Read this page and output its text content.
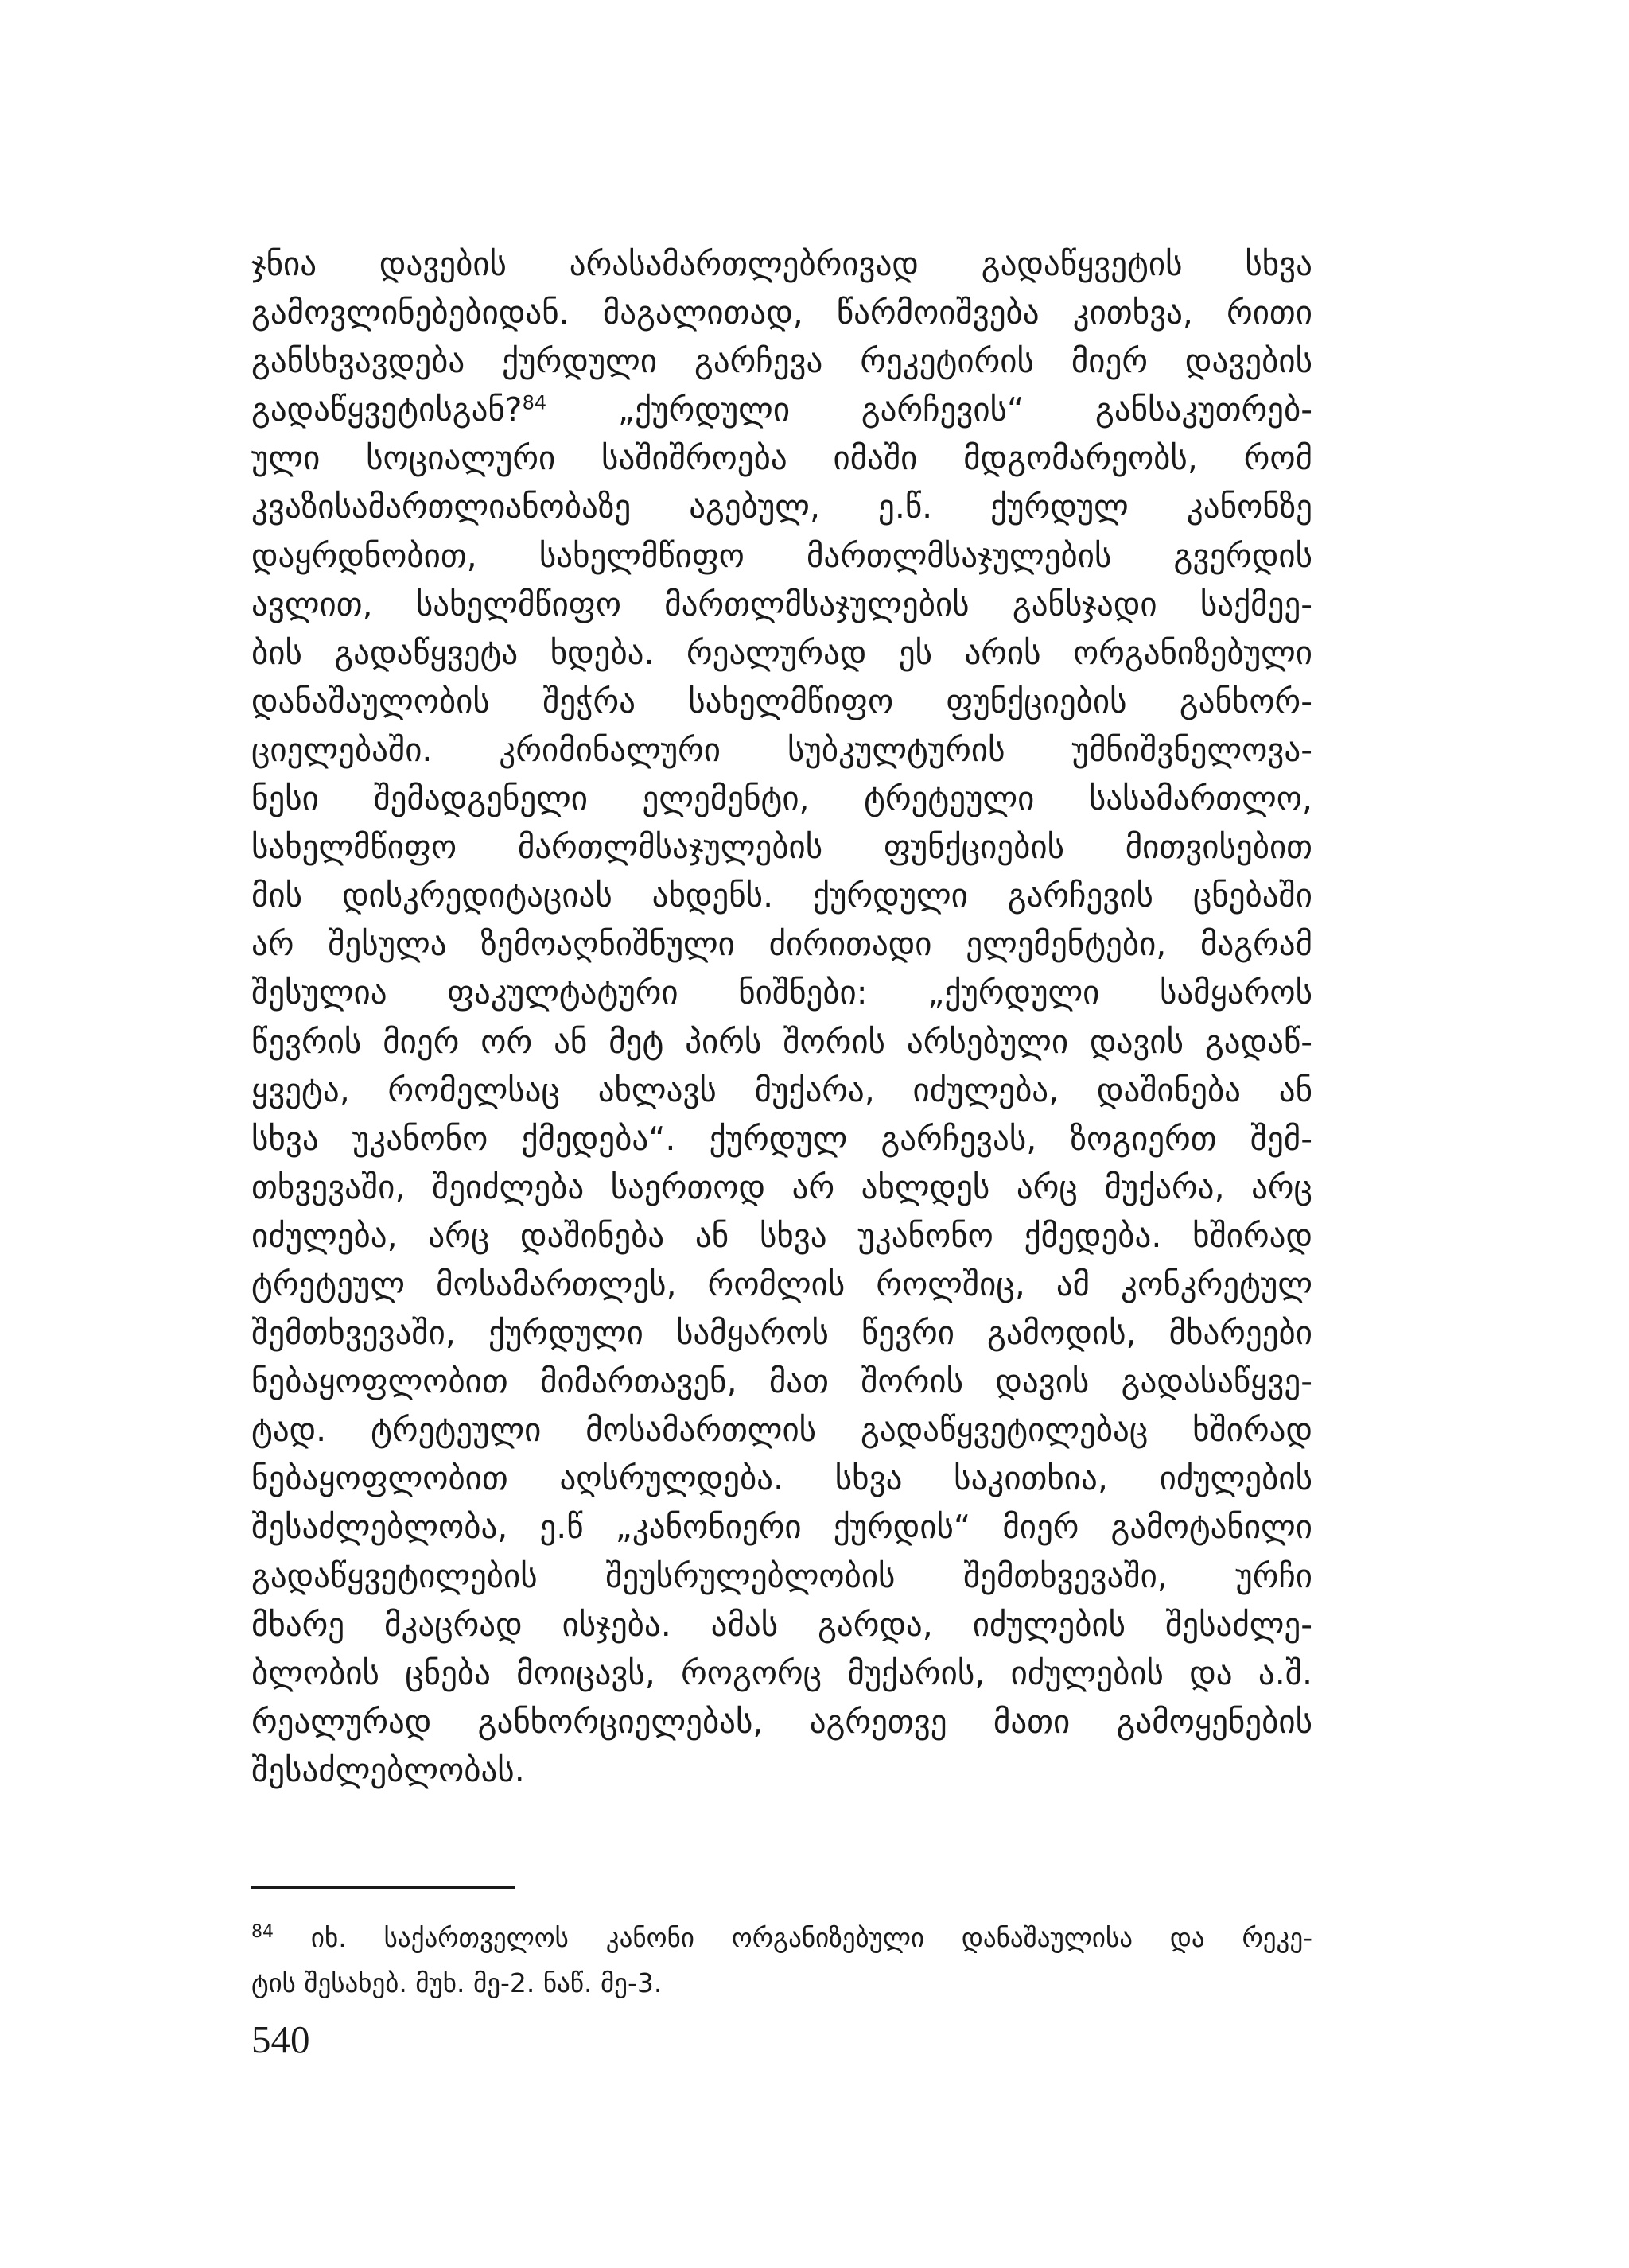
ჯნია დავების არასამართლებრივად გადაწყვეტის სხვა
გამოვლინებებიდან. მაგალითად, წარმოიშვება კითხვა, რითი
განსხვავდება ქურდული გარჩევა რეკეტირის მიერ დავების
გადაწყვეტისგან?$^{84}$ „ქურდული გარჩევის“ განსაკუთრებ-
ული სოციალური საშიშროება იმაში მდგომარეობს, რომ
კვაზისამართლიანობაზე აგებულ, ე.წ. ქურდულ კანონზე
დაყრდნობით, სახელმწიფო მართლმსაჯულების გვერდის
ავლით, სახელმწიფო მართლმსაჯულების განსჯადი საქმეე-
ბის გადაწყვეტა ხდება. რეალურად ეს არის ორგანიზებული
დანაშაულობის შეჭრა სახელმწიფო ფუნქციების განხორ-
ციელებაში. კრიმინალური სუბკულტურის უმნიშვნელოვა-
ნესი შემადგენელი ელემენტი, ტრეტეული სასამართლო,
სახელმწიფო მართლმსაჯულების ფუნქციების მითვისებით
მის დისკრედიტაციას ახდენს. ქურდული გარჩევის ცნებაში
არ შესულა ზემოაღნიშნული ძირითადი ელემენტები, მაგრამ
შესულია ფაკულტატური ნიშნები: „ქურდული სამყაროს
წევრის მიერ ორ ან მეტ პირს შორის არსებული დავის გადაწ-
ყვეტა, რომელსაც ახლავს მუქარა, იძულება, დაშინება ან
სხვა უკანონო ქმედება“. ქურდულ გარჩევას, ზოგიერთ შემ-
თხვევაში, შეიძლება საერთოდ არ ახლდეს არც მუქარა, არც
იძულება, არც დაშინება ან სხვა უკანონო ქმედება. ხშირად
ტრეტეულ მოსამართლეს, რომლის როლშიც, ამ კონკრეტულ
შემთხვევაში, ქურდული სამყაროს წევრი გამოდის, მხარეები
ნებაყოფლობით მიმართავენ, მათ შორის დავის გადასაწყვე-
ტად. ტრეტეული მოსამართლის გადაწყვეტილებაც ხშირად
ნებაყოფლობით აღსრულდება. სხვა საკითხია, იძულების
შესაძლებლობა, ე.წ „კანონიერი ქურდის“ მიერ გამოტანილი
გადაწყვეტილების შეუსრულებლობის შემთხვევაში, ურჩი
მხარე მკაცრად ისჯება. ამას გარდა, იძულების შესაძლე-
ბლობის ცნება მოიცავს, როგორც მუქარის, იძულების და ა.შ.
რეალურად განხორციელებას, აგრეთვე მათი გამოყენების
შესაძლებლობას.
$^{84}$ იხ. საქართველოს კანონი ორგანიზებული დანაშაულისა და რეკე-
ტის შესახებ. მუხ. მე-2. ნაწ. მე-3.
540
